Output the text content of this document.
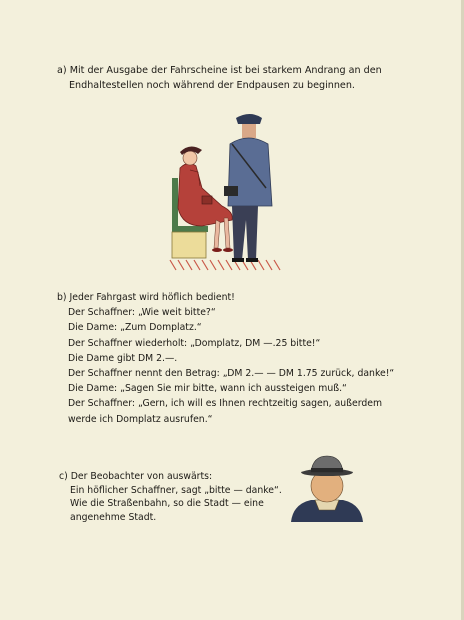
a) Mit der Ausgabe der Fahrscheine ist bei starkem Andrang an den
Endhaltestellen noch während der Endpausen zu beginnen.
b) Jeder Fahrgast wird höflich bedient!
Der Schaffner: „Wie weit bitte?“
Die Dame: „Zum Domplatz.“
Der Schaffner wiederholt: „Domplatz, DM —.25 bitte!“
Die Dame gibt DM 2.—.
Der Schaffner nennt den Betrag: „DM 2.— — DM 1.75 zurück, danke!“
Die Dame: „Sagen Sie mir bitte, wann ich aussteigen muß.“
Der Schaffner: „Gern, ich will es Ihnen rechtzeitig sagen, außerdem
werde ich Domplatz ausrufen.“
c) Der Beobachter von auswärts:
Ein höflicher Schaffner, sagt „bitte — danke“.
Wie die Straßenbahn, so die Stadt — eine
angenehme Stadt.
